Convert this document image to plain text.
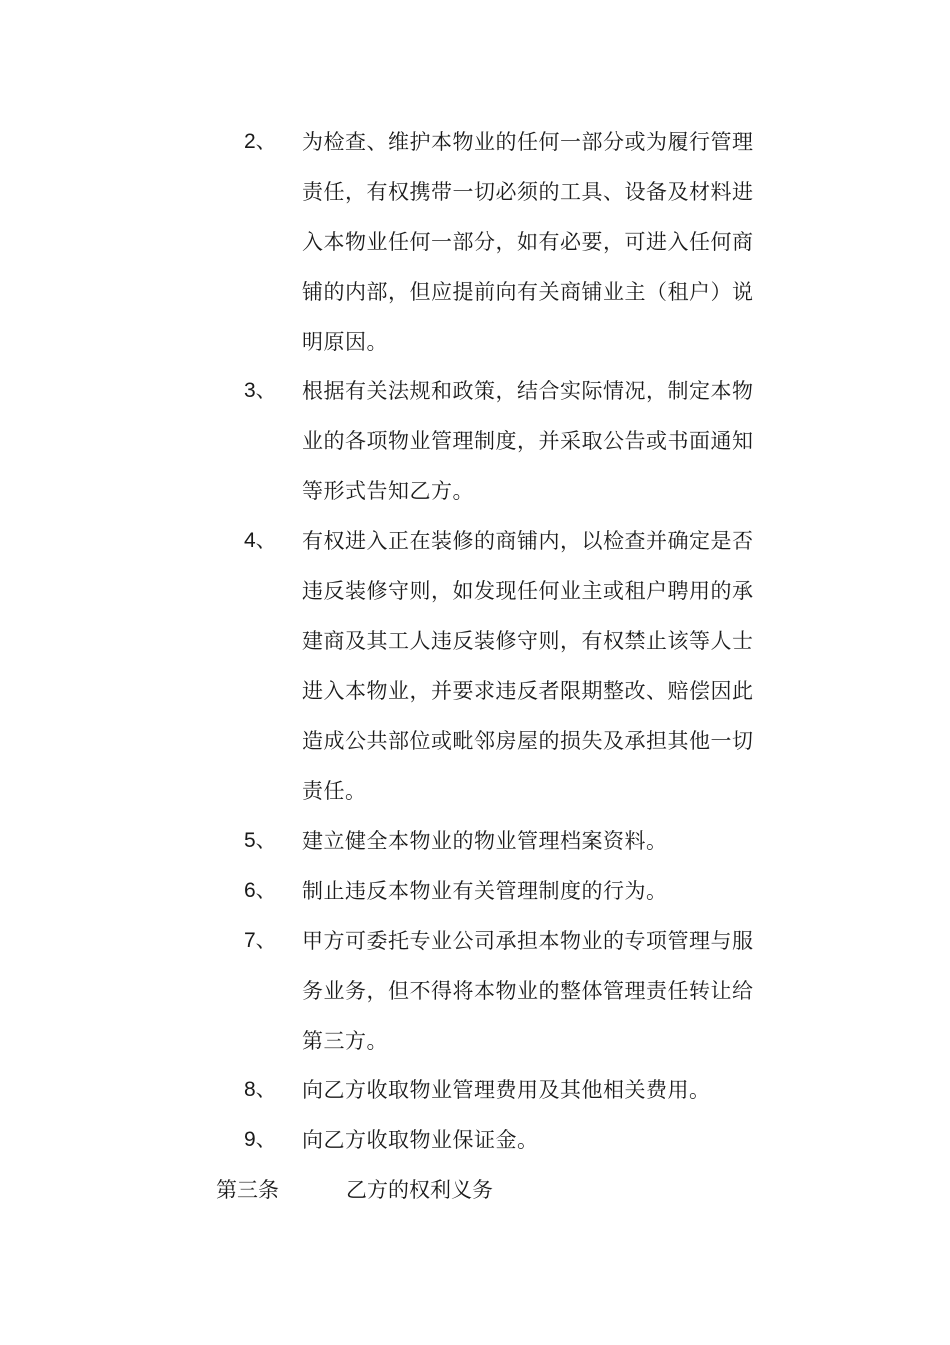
2、 为检查、维护本物业的任何一部分或为履行管理
责任，有权携带一切必须的工具、设备及材料进
入本物业任何一部分，如有必要，可进入任何商
铺的内部，但应提前向有关商铺业主（租户）说
明原因。
3、 根据有关法规和政策，结合实际情况，制定本物
业的各项物业管理制度，并采取公告或书面通知
等形式告知乙方。
4、 有权进入正在装修的商铺内，以检查并确定是否
违反装修守则，如发现任何业主或租户聘用的承
建商及其工人违反装修守则，有权禁止该等人士
进入本物业，并要求违反者限期整改、赔偿因此
造成公共部位或毗邻房屋的损失及承担其他一切
责任。
5、 建立健全本物业的物业管理档案资料。
6、 制止违反本物业有关管理制度的行为。
7、 甲方可委托专业公司承担本物业的专项管理与服
务业务，但不得将本物业的整体管理责任转让给
第三方。
8、 向乙方收取物业管理费用及其他相关费用。
9、 向乙方收取物业保证金。
第三条	乙方的权利义务
